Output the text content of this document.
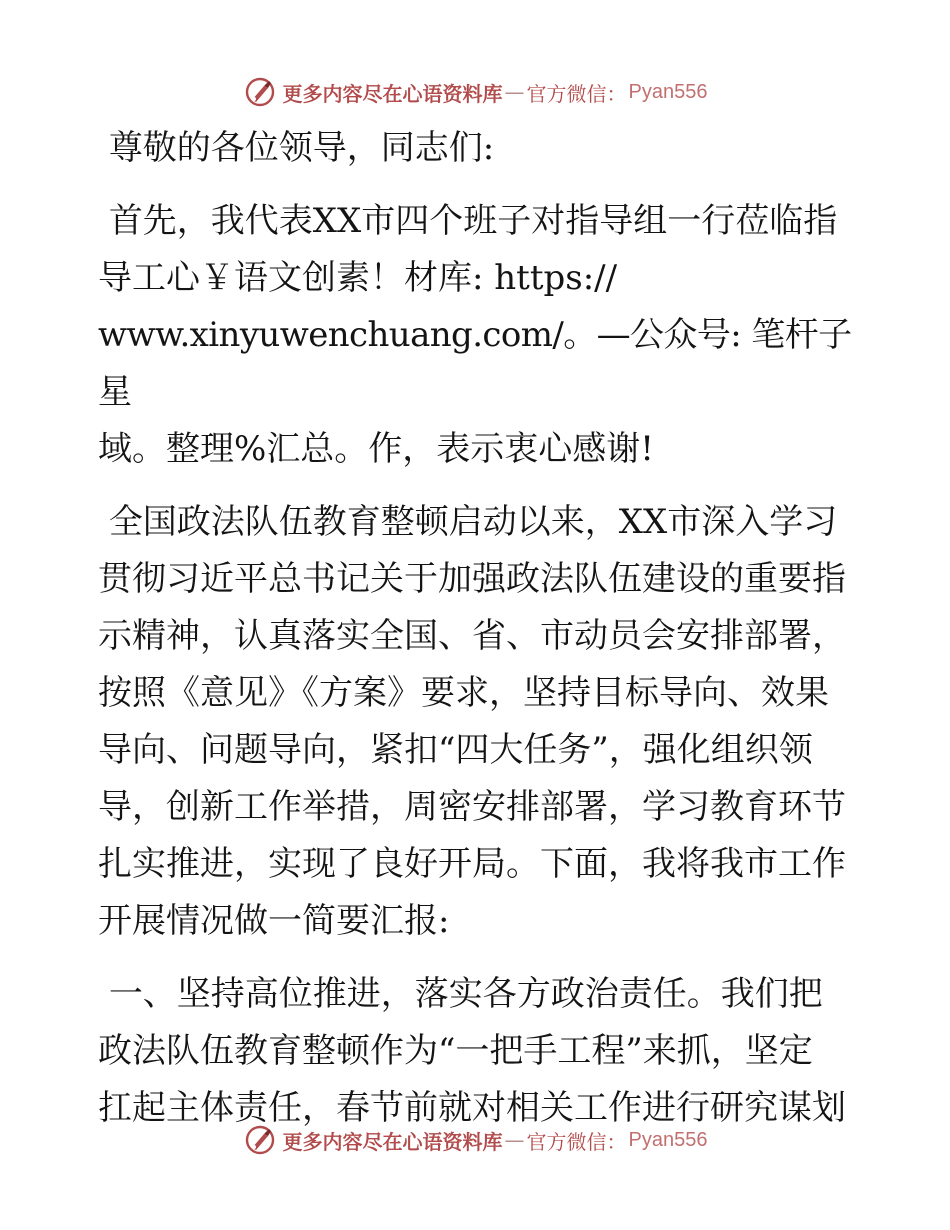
更多内容尽在心语资料库 — 官方微信： Pyan556

尊敬的各位领导，同志们:

首先，我代表XX市四个班子对指导组一行莅临指
导工心￥语文创素！材库: https://
www.xinyuwenchuang.com/。—公众号: 笔杆子星
域。整理%汇总。作，表示衷心感谢!

全国政法队伍教育整顿启动以来，XX市深入学习
贯彻习近平总书记关于加强政法队伍建设的重要指
示精神，认真落实全国、省、市动员会安排部署，
按照《意见》《方案》要求，坚持目标导向、效果
导向、问题导向，紧扣“四大任务”，强化组织领
导，创新工作举措，周密安排部署，学习教育环节
扎实推进，实现了良好开局。下面，我将我市工作
开展情况做一简要汇报:

一、坚持高位推进，落实各方政治责任。我们把
政法队伍教育整顿作为“一把手工程”来抓，坚定
扛起主体责任，春节前就对相关工作进行研究谋划

更多内容尽在心语资料库 — 官方微信： Pyan556
